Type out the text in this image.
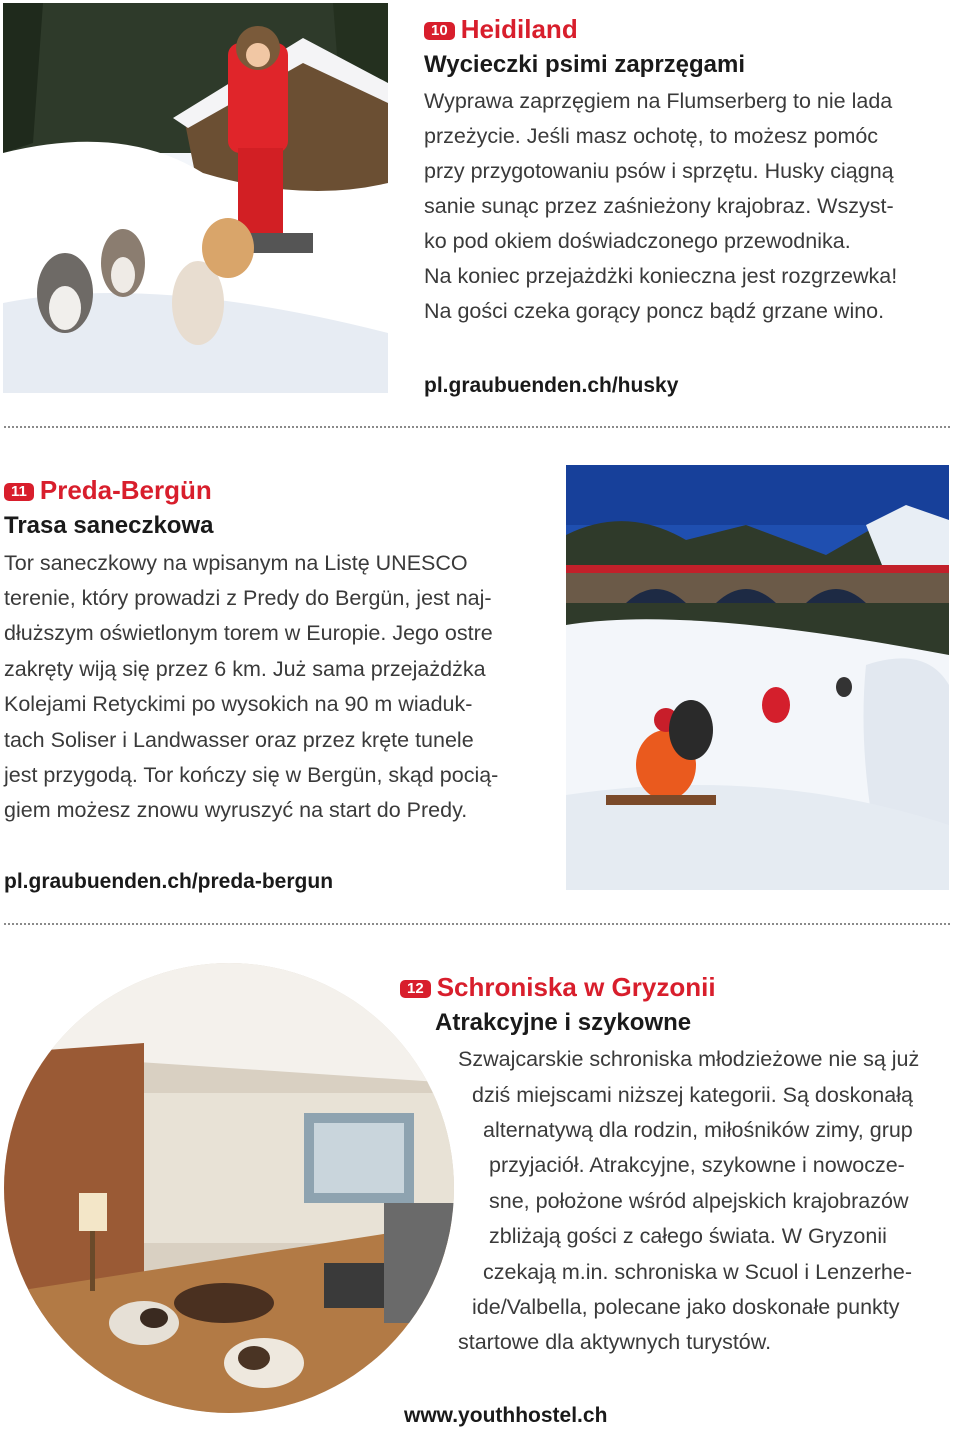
10 Heidiland
Wycieczki psimi zaprzęgami
Wyprawa zaprzęgiem na Flumserberg to nie lada
przeżycie. Jeśli masz ochotę, to możesz pomóc
przy przygotowaniu psów i sprzętu. Husky ciągną
sanie sunąc przez zaśnieżony krajobraz. Wszyst-
ko pod okiem doświadczonego przewodnika.
Na koniec przejażdżki konieczna jest rozgrzewka!
Na gości czeka gorący poncz bądź grzane wino.
pl.graubuenden.ch/husky
11 Preda-Bergün
Trasa saneczkowa
Tor saneczkowy na wpisanym na Listę UNESCO
terenie, który prowadzi z Predy do Bergün, jest naj-
dłuższym oświetlonym torem w Europie. Jego ostre
zakręty wiją się przez 6 km. Już sama przejażdżka
Kolejami Retyckimi po wysokich na 90 m wiaduk-
tach Soliser i Landwasser oraz przez kręte tunele
jest przygodą. Tor kończy się w Bergün, skąd pocią-
giem możesz znowu wyruszyć na start do Predy.
pl.graubuenden.ch/preda-bergun
12 Schroniska w Gryzonii
Atrakcyjne i szykowne
Szwajcarskie schroniska młodzieżowe nie są już
dziś miejscami niższej kategorii. Są doskonałą
alternatywą dla rodzin, miłośników zimy, grup
przyjaciół. Atrakcyjne, szykowne i nowocze-
sne, położone wśród alpejskich krajobrazów
zbliżają gości z całego świata. W Gryzonii
czekają m.in. schroniska w Scuol i Lenzerhe-
ide/Valbella, polecane jako doskonałe punkty
startowe dla aktywnych turystów.
www.youthhostel.ch
